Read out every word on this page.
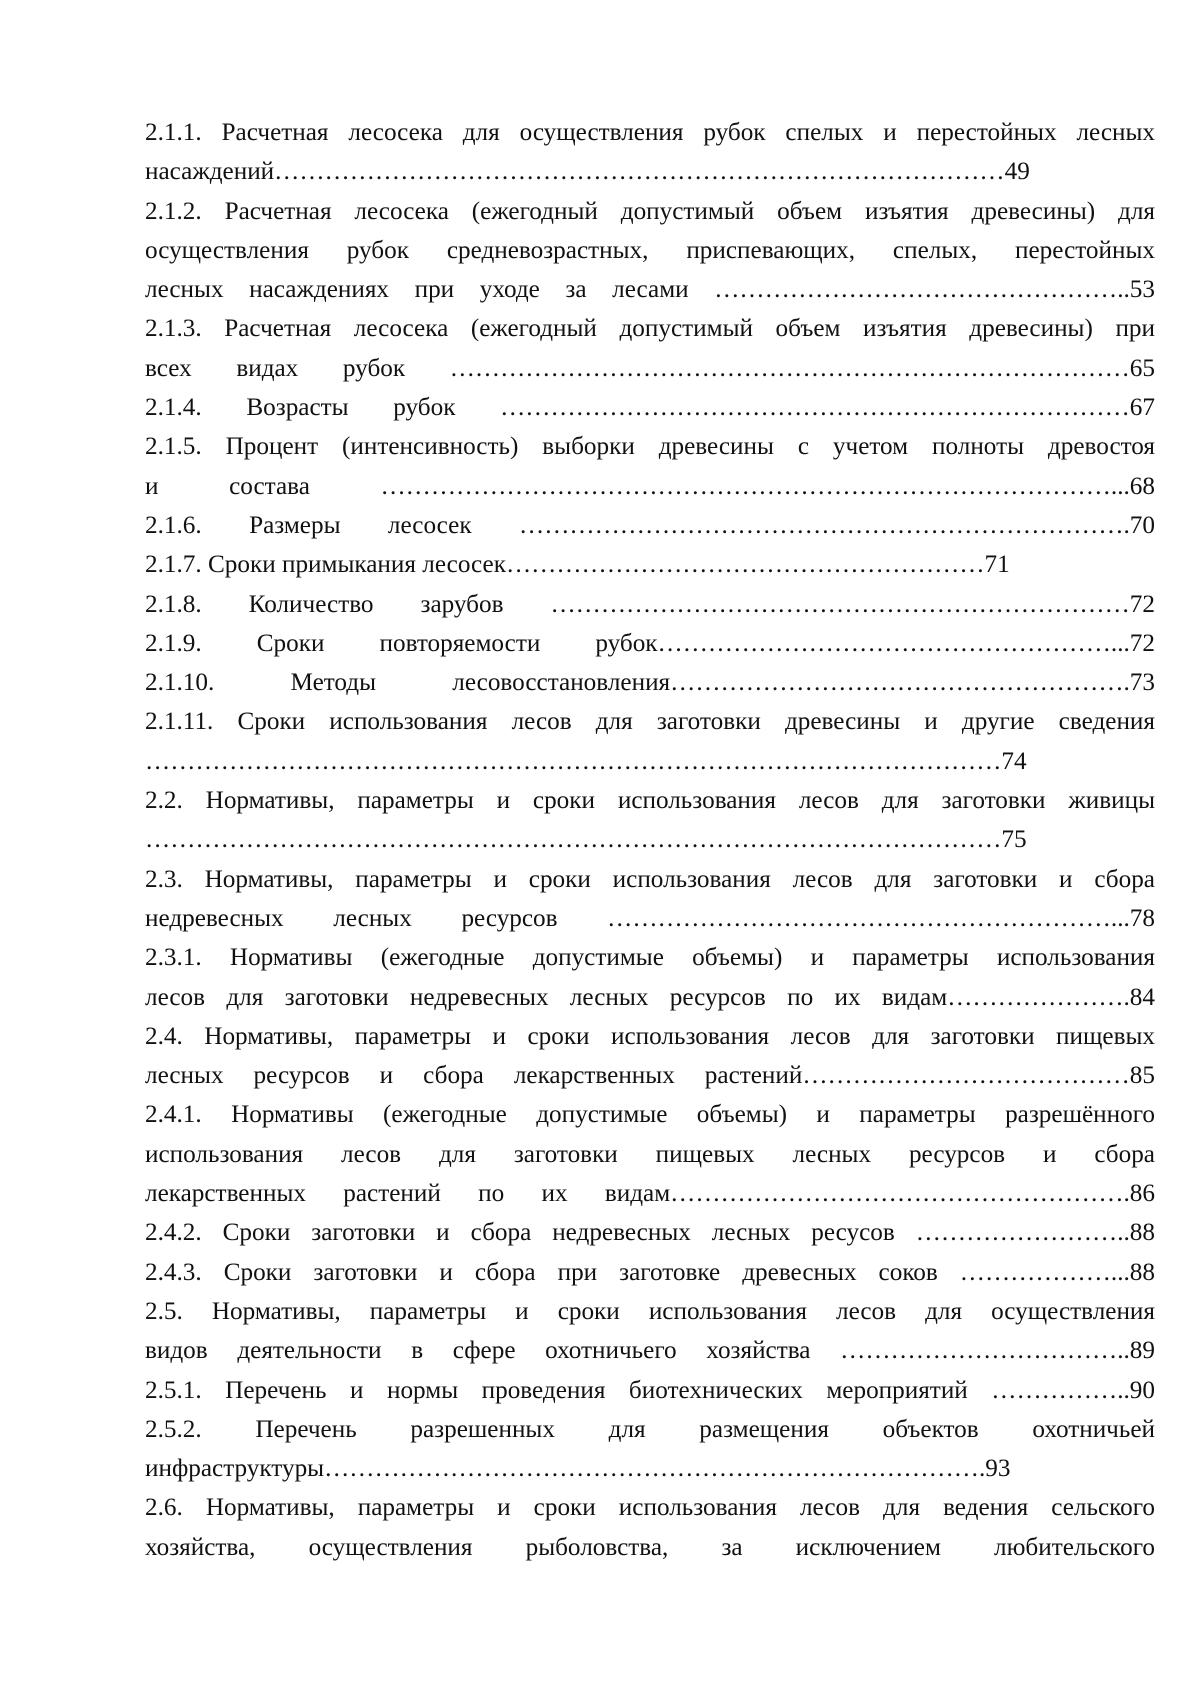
2.1.1. Расчетная лесосека для осуществления рубок спелых и перестойных лесных
насаждений……………………………………………………………………………49
2.1.2. Расчетная лесосека (ежегодный допустимый объем изъятия древесины) для
осуществления рубок средневозрастных, приспевающих, спелых, перестойных
лесных насаждениях при уходе за лесами …………………………………………..53
2.1.3. Расчетная лесосека (ежегодный допустимый объем изъятия древесины) при
всех видах рубок ………………………………………………………………………65
2.1.4. Возрасты рубок …………………………………………………………………67
2.1.5. Процент (интенсивность) выборки древесины с учетом полноты древостоя
и состава ……………………………………………………………………………...68
2.1.6. Размеры лесосек ……………………………………………………………….70
2.1.7. Сроки примыкания лесосек…………………………………………………71
2.1.8. Количество зарубов ……………………………………………………………72
2.1.9. Сроки повторяемости рубок………………………………………………...72
2.1.10. Методы лесовосстановления……………………………………………….73
2.1.11. Сроки использования лесов для заготовки древесины и другие сведения
…………………………………………………………………………………………74
2.2. Нормативы, параметры и сроки использования лесов для заготовки живицы
…………………………………………………………………………………………75
2.3. Нормативы, параметры и сроки использования лесов для заготовки и сбора
недревесных лесных ресурсов ……………………………………………………...78
2.3.1. Нормативы (ежегодные допустимые объемы) и параметры использования
лесов для заготовки недревесных лесных ресурсов по их видам………………….84
2.4. Нормативы, параметры и сроки использования лесов для заготовки пищевых
лесных ресурсов и сбора лекарственных растений…………………………………85
2.4.1. Нормативы (ежегодные допустимые объемы) и параметры разрешённого
использования лесов для заготовки пищевых лесных ресурсов и сбора
лекарственных растений по их видам……………………………………………….86
2.4.2. Сроки заготовки и сбора недревесных лесных ресусов ……………………..88
2.4.3. Сроки заготовки и сбора при заготовке древесных соков ………………...88
2.5. Нормативы, параметры и сроки использования лесов для осуществления
видов деятельности в сфере охотничьего хозяйства ……………………………..89
2.5.1. Перечень и нормы проведения биотехнических мероприятий ……………..90
2.5.2. Перечень разрешенных для размещения объектов охотничьей
инфраструктуры…………………………………………………………………….93
2.6. Нормативы, параметры и сроки использования лесов для ведения сельского
хозяйства, осуществления рыболовства, за исключением любительского
